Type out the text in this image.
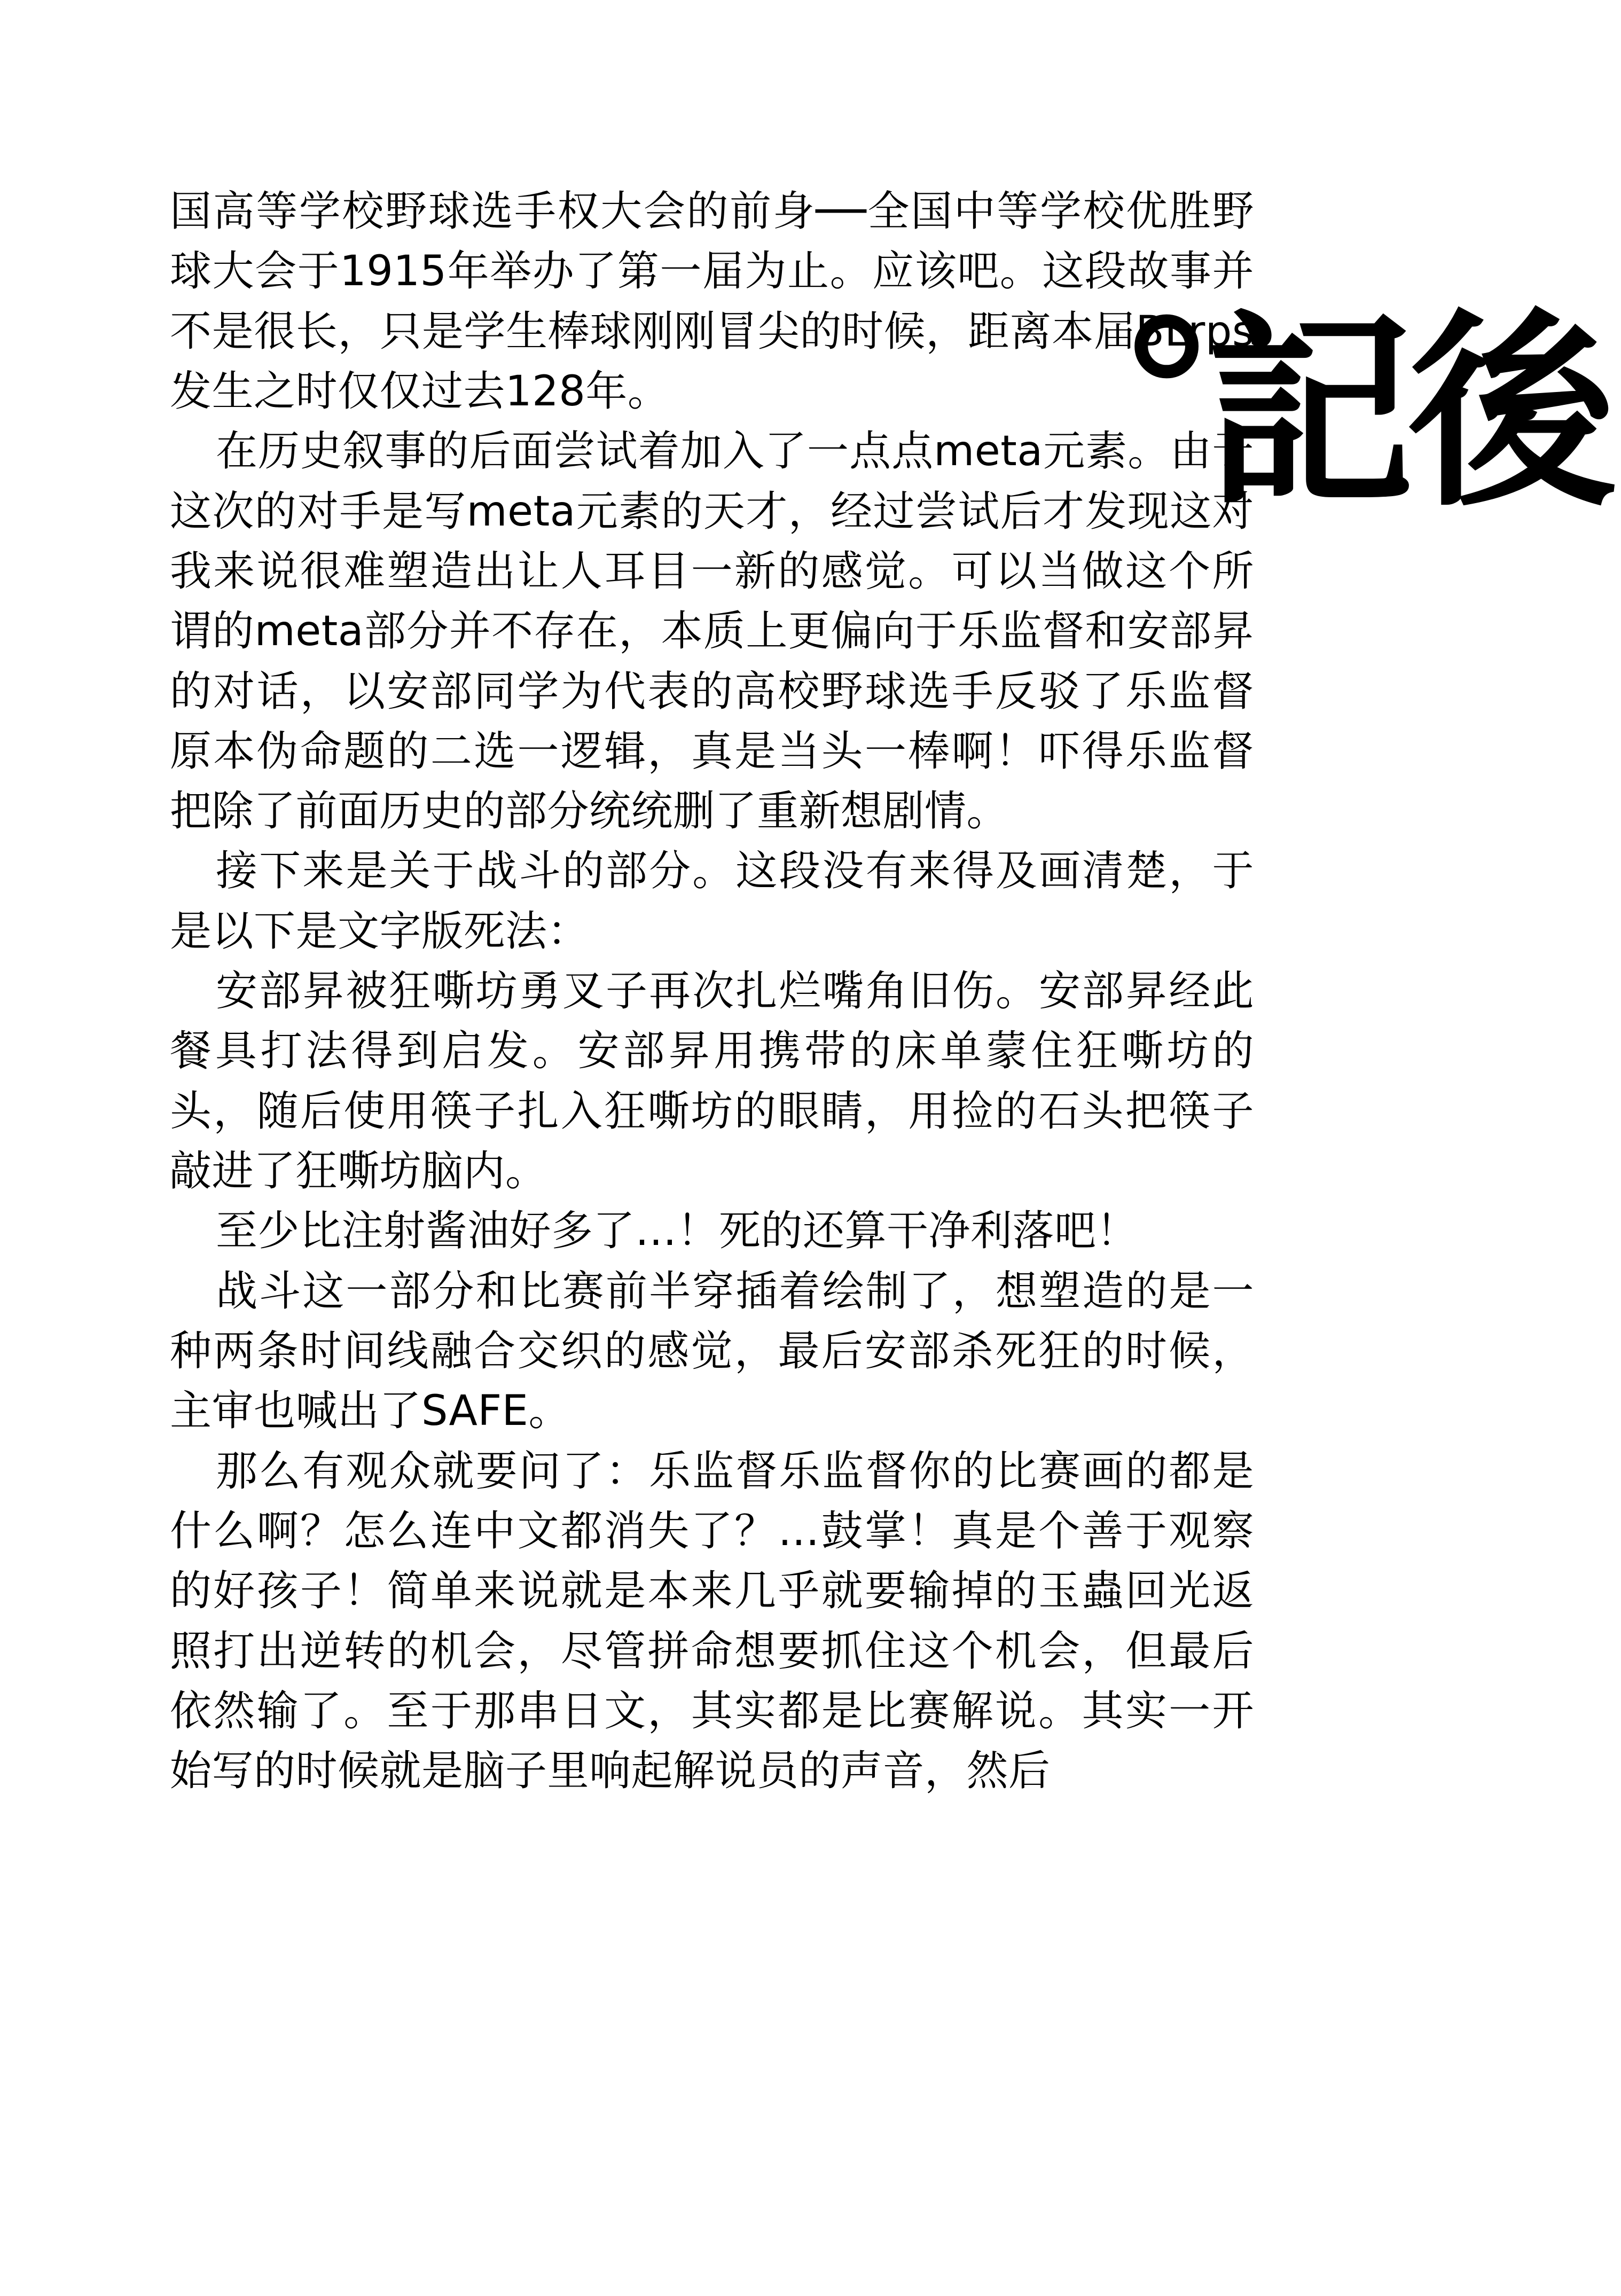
後
記
。

国高等学校野球选手权大会的前身──全国中等学校优胜野球大会于1915年举办了第一届为止。应该吧。这段故事并不是很长，只是学生棒球刚刚冒尖的时候，距离本届BLrps发生之时仅仅过去128年。

在历史叙事的后面尝试着加入了一点点meta元素。由于这次的对手是写meta元素的天才，经过尝试后才发现这对我来说很难塑造出让人耳目一新的感觉。可以当做这个所谓的meta部分并不存在，本质上更偏向于乐监督和安部昇的对话，以安部同学为代表的高校野球选手反驳了乐监督原本伪命题的二选一逻辑，真是当头一棒啊！吓得乐监督把除了前面历史的部分统统删了重新想剧情。

接下来是关于战斗的部分。这段没有来得及画清楚，于是以下是文字版死法：

安部昇被狂嘶坊勇叉子再次扎烂嘴角旧伤。安部昇经此餐具打法得到启发。安部昇用携带的床单蒙住狂嘶坊的头，随后使用筷子扎入狂嘶坊的眼睛，用捡的石头把筷子敲进了狂嘶坊脑内。

至少比注射酱油好多了…！死的还算干净利落吧！

战斗这一部分和比赛前半穿插着绘制了，想塑造的是一种两条时间线融合交织的感觉，最后安部杀死狂的时候，主审也喊出了SAFE。

那么有观众就要问了：乐监督乐监督你的比赛画的都是什么啊？怎么连中文都消失了？…鼓掌！真是个善于观察的好孩子！简单来说就是本来几乎就要输掉的玉蟲回光返照打出逆转的机会，尽管拼命想要抓住这个机会，但最后依然输了。至于那串日文，其实都是比赛解说。其实一开始写的时候就是脑子里响起解说员的声音，然后
